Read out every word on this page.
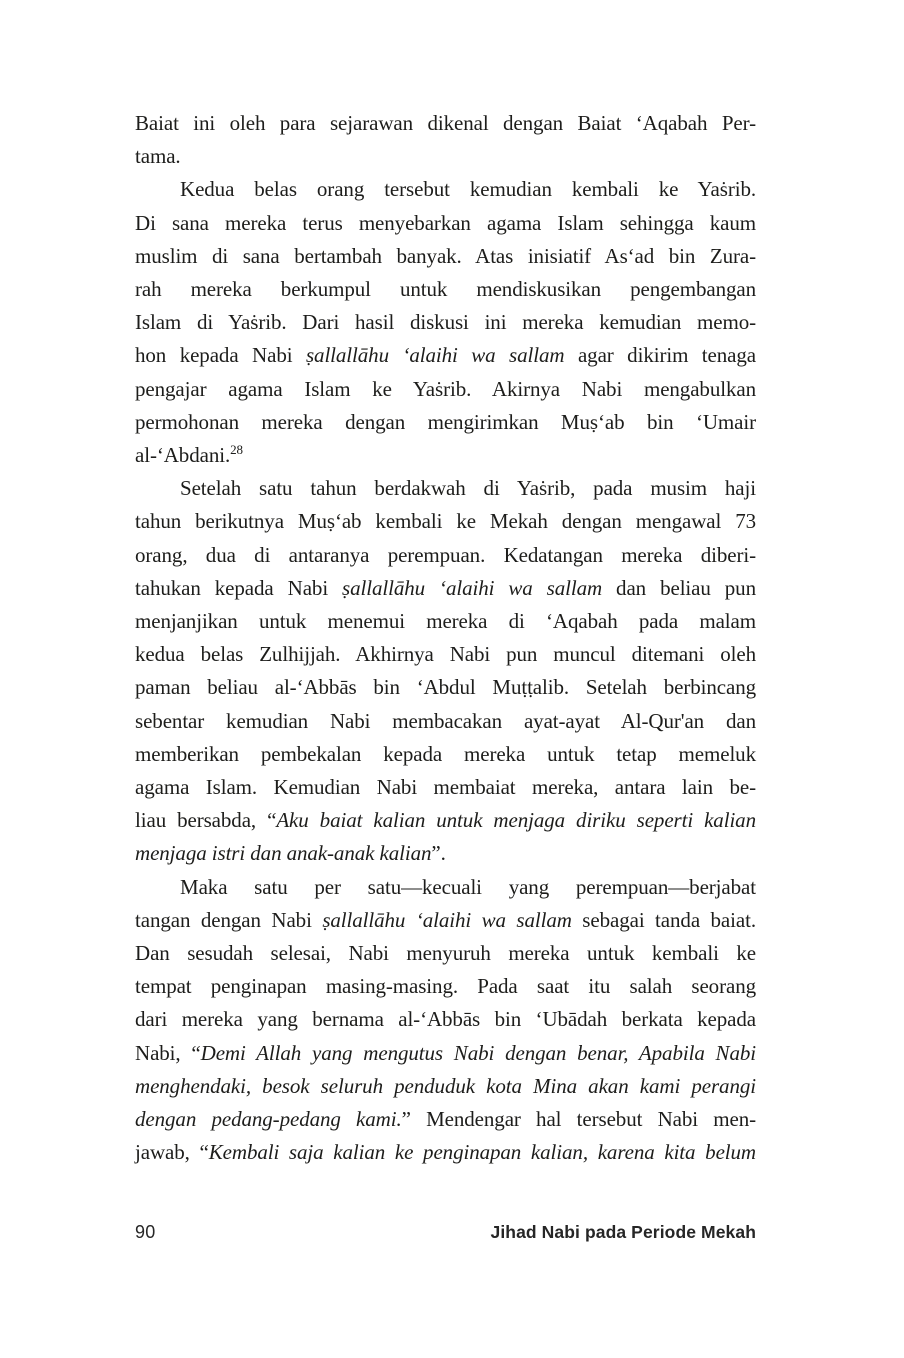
Baiat ini oleh para sejarawan dikenal dengan Baiat ‘Aqabah Per-
tama.
Kedua belas orang tersebut kemudian kembali ke Yaṡrib.
Di sana mereka terus menyebarkan agama Islam sehingga kaum
muslim di sana bertambah banyak. Atas inisiatif As‘ad bin Zura-
rah mereka berkumpul untuk mendiskusikan pengembangan
Islam di Yaṡrib. Dari hasil diskusi ini mereka kemudian memo-
hon kepada Nabi ṣallallāhu ‘alaihi wa sallam agar dikirim tenaga
pengajar agama Islam ke Yaṡrib. Akirnya Nabi mengabulkan
permohonan mereka dengan mengirimkan Muṣ‘ab bin ‘Umair
al-‘Abdani.$^{28}$
Setelah satu tahun berdakwah di Yaṡrib, pada musim haji
tahun berikutnya Muṣ‘ab kembali ke Mekah dengan mengawal 73
orang, dua di antaranya perempuan. Kedatangan mereka diberi-
tahukan kepada Nabi ṣallallāhu ‘alaihi wa sallam dan beliau pun
menjanjikan untuk menemui mereka di ‘Aqabah pada malam
kedua belas Zulhijjah. Akhirnya Nabi pun muncul ditemani oleh
paman beliau al-‘Abbās bin ‘Abdul Muṭṭalib. Setelah berbincang
sebentar kemudian Nabi membacakan ayat-ayat Al-Qur'an dan
memberikan pembekalan kepada mereka untuk tetap memeluk
agama Islam. Kemudian Nabi membaiat mereka, antara lain be-
liau bersabda, “Aku baiat kalian untuk menjaga diriku seperti kalian
menjaga istri dan anak-anak kalian”.
Maka satu per satu—kecuali yang perempuan—berjabat
tangan dengan Nabi ṣallallāhu ‘alaihi wa sallam sebagai tanda baiat.
Dan sesudah selesai, Nabi menyuruh mereka untuk kembali ke
tempat penginapan masing-masing. Pada saat itu salah seorang
dari mereka yang bernama al-‘Abbās bin ‘Ubādah berkata kepada
Nabi, “Demi Allah yang mengutus Nabi dengan benar, Apabila Nabi
menghendaki, besok seluruh penduduk kota Mina akan kami perangi
dengan pedang-pedang kami.” Mendengar hal tersebut Nabi men-
jawab, “Kembali saja kalian ke penginapan kalian, karena kita belum
90	Jihad Nabi pada Periode Mekah
